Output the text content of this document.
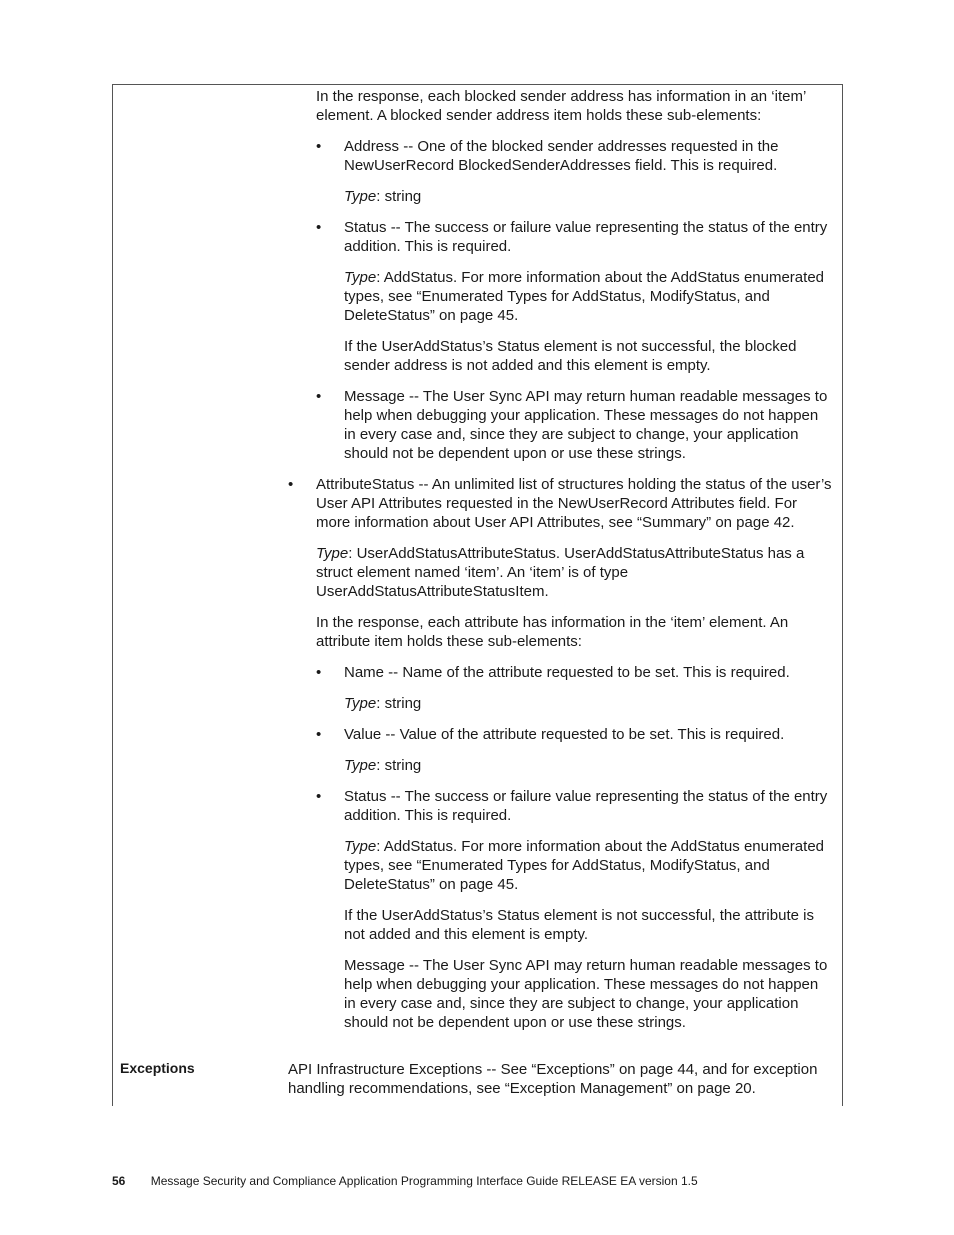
In the response, each blocked sender address has information in an ‘item’ element. A blocked sender address item holds these sub-elements:

• Address -- One of the blocked sender addresses requested in the NewUserRecord BlockedSenderAddresses field. This is required.

Type: string

• Status -- The success or failure value representing the status of the entry addition. This is required.

Type: AddStatus. For more information about the AddStatus enumerated types, see “Enumerated Types for AddStatus, ModifyStatus, and DeleteStatus” on page 45.

If the UserAddStatus’s Status element is not successful, the blocked sender address is not added and this element is empty.

• Message -- The User Sync API may return human readable messages to help when debugging your application. These messages do not happen in every case and, since they are subject to change, your application should not be dependent upon or use these strings.
• AttributeStatus -- An unlimited list of structures holding the status of the user’s User API Attributes requested in the NewUserRecord Attributes field. For more information about User API Attributes, see “Summary” on page 42.

Type: UserAddStatusAttributeStatus. UserAddStatusAttributeStatus has a struct element named ‘item’. An ‘item’ is of type UserAddStatusAttributeStatusItem.

In the response, each attribute has information in the ‘item’ element. An attribute item holds these sub-elements:

• Name -- Name of the attribute requested to be set. This is required.

Type: string

• Value -- Value of the attribute requested to be set. This is required.

Type: string

• Status -- The success or failure value representing the status of the entry addition. This is required.

Type: AddStatus. For more information about the AddStatus enumerated types, see “Enumerated Types for AddStatus, ModifyStatus, and DeleteStatus” on page 45.

If the UserAddStatus’s Status element is not successful, the attribute is not added and this element is empty.

Message -- The User Sync API may return human readable messages to help when debugging your application. These messages do not happen in every case and, since they are subject to change, your application should not be dependent upon or use these strings.

Exceptions	API Infrastructure Exceptions -- See “Exceptions” on page 44, and for exception handling recommendations, see “Exception Management” on page 20.
56 Message Security and Compliance Application Programming Interface Guide RELEASE EA version 1.5
